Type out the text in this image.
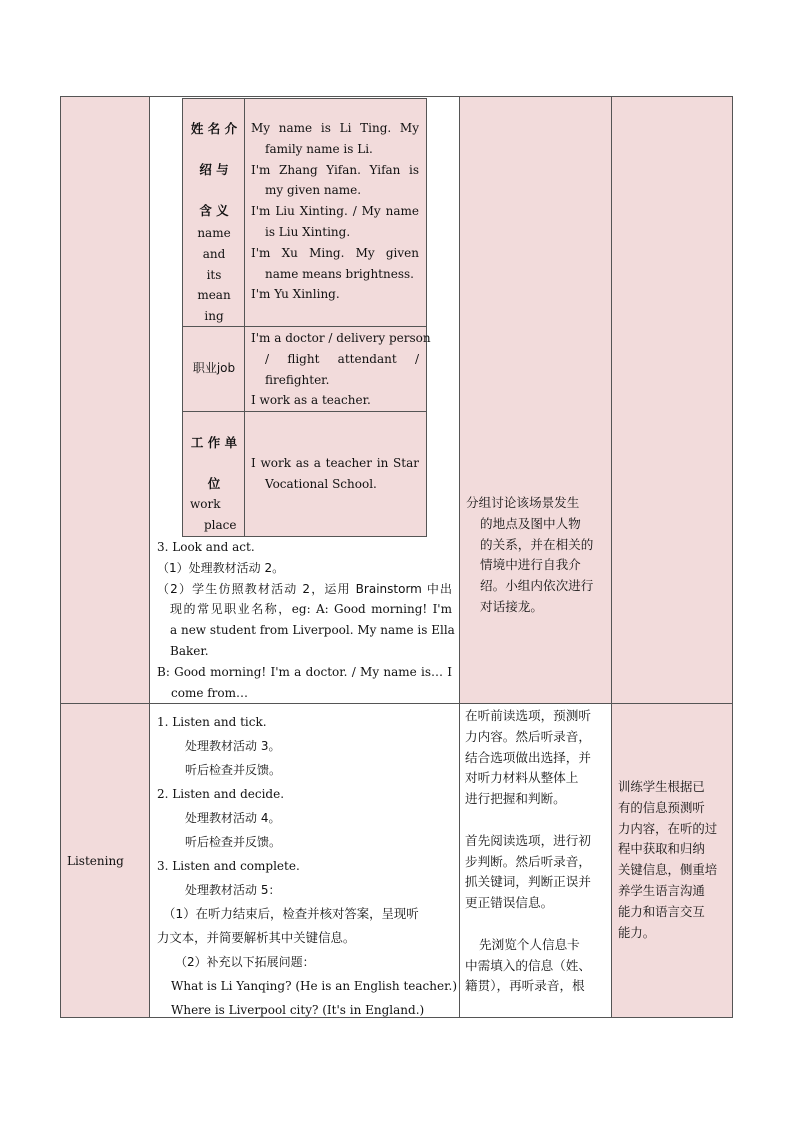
姓 名 介
绍 与
含 义
name
and
its
mean
ing
My name is Li Ting. My
family name is Li.
I'm Zhang Yifan. Yifan is
my given name.
I'm Liu Xinting. / My name
is Liu Xinting.
I'm Xu Ming. My given
name means brightness.
I'm Yu Xinling.
职业job
I'm a doctor / delivery person
/ flight attendant /
firefighter.
I work as a teacher.
工 作 单
位
work
place
I work as a teacher in Star
Vocational School.
3. Look and act.
（1）处理教材活动 2。
（2）学生仿照教材活动 2，运用 Brainstorm 中出
现的常见职业名称，eg: A: Good morning! I'm
a new student from Liverpool. My name is Ella
Baker.
B: Good morning! I'm a doctor. / My name is… I
come from…
分组讨论该场景发生
的地点及图中人物
的关系，并在相关的
情境中进行自我介
绍。小组内依次进行
对话接龙。
Listening
1. Listen and tick.
处理教材活动 3。
听后检查并反馈。
2. Listen and decide.
处理教材活动 4。
听后检查并反馈。
3. Listen and complete.
处理教材活动 5：
（1）在听力结束后，检查并核对答案，呈现听
力文本，并简要解析其中关键信息。
（2）补充以下拓展问题：
What is Li Yanqing? (He is an English teacher.)
Where is Liverpool city? (It's in England.)
在听前读选项，预测听
力内容。然后听录音，
结合选项做出选择，并
对听力材料从整体上
进行把握和判断。

首先阅读选项，进行初
步判断。然后听录音，
抓关键词，判断正误并
更正错误信息。

先浏览个人信息卡
中需填入的信息（姓、
籍贯），再听录音，根
训练学生根据已
有的信息预测听
力内容，在听的过
程中获取和归纳
关键信息，侧重培
养学生语言沟通
能力和语言交互
能力。
